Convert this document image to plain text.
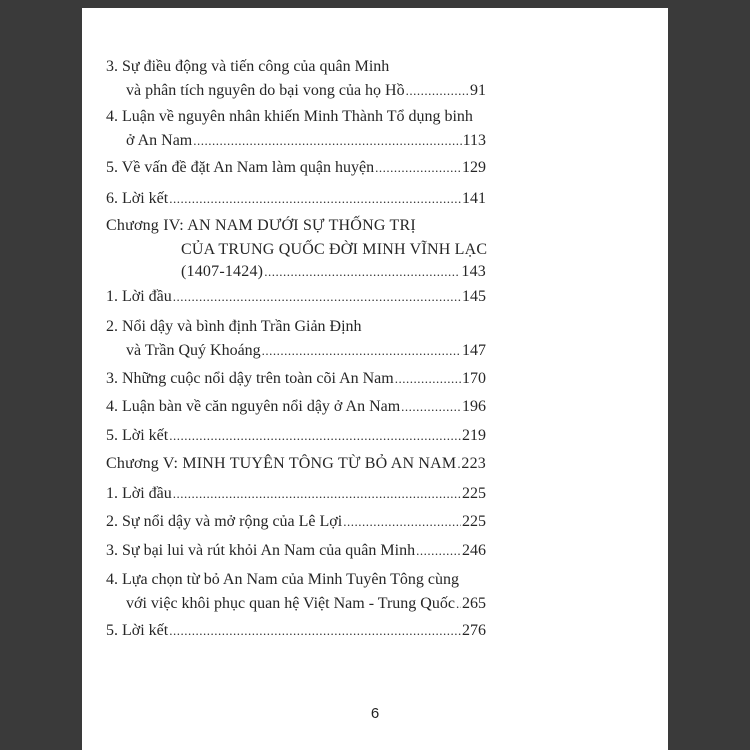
3. Sự điều động và tiến công của quân Minh
và phân tích nguyên do bại vong của họ Hồ .....	91
4. Luận về nguyên nhân khiến Minh Thành Tổ dụng binh
ở An Nam .....	113
5. Về vấn đề đặt An Nam làm quận huyện .....	129
6. Lời kết .....	141
Chương IV: AN NAM DƯỚI SỰ THỐNG TRỊ
CỦA TRUNG QUỐC ĐỜI MINH VĨNH LẠC
(1407-1424) .....	143
1. Lời đầu .....	145
2. Nổi dậy và bình định Trần Giản Định
và Trần Quý Khoáng .....	147
3. Những cuộc nổi dậy trên toàn cõi An Nam .....	170
4. Luận bàn về căn nguyên nổi dậy ở An Nam .....	196
5. Lời kết .....	219
Chương V: MINH TUYÊN TÔNG TỪ BỎ AN NAM ..... 223
1. Lời đầu .....	225
2. Sự nổi dậy và mở rộng của Lê Lợi .....	225
3. Sự bại lui và rút khỏi An Nam của quân Minh .....	246
4. Lựa chọn từ bỏ An Nam của Minh Tuyên Tông cùng
với việc khôi phục quan hệ Việt Nam - Trung Quốc ..... 265
5. Lời kết .....	276
6
